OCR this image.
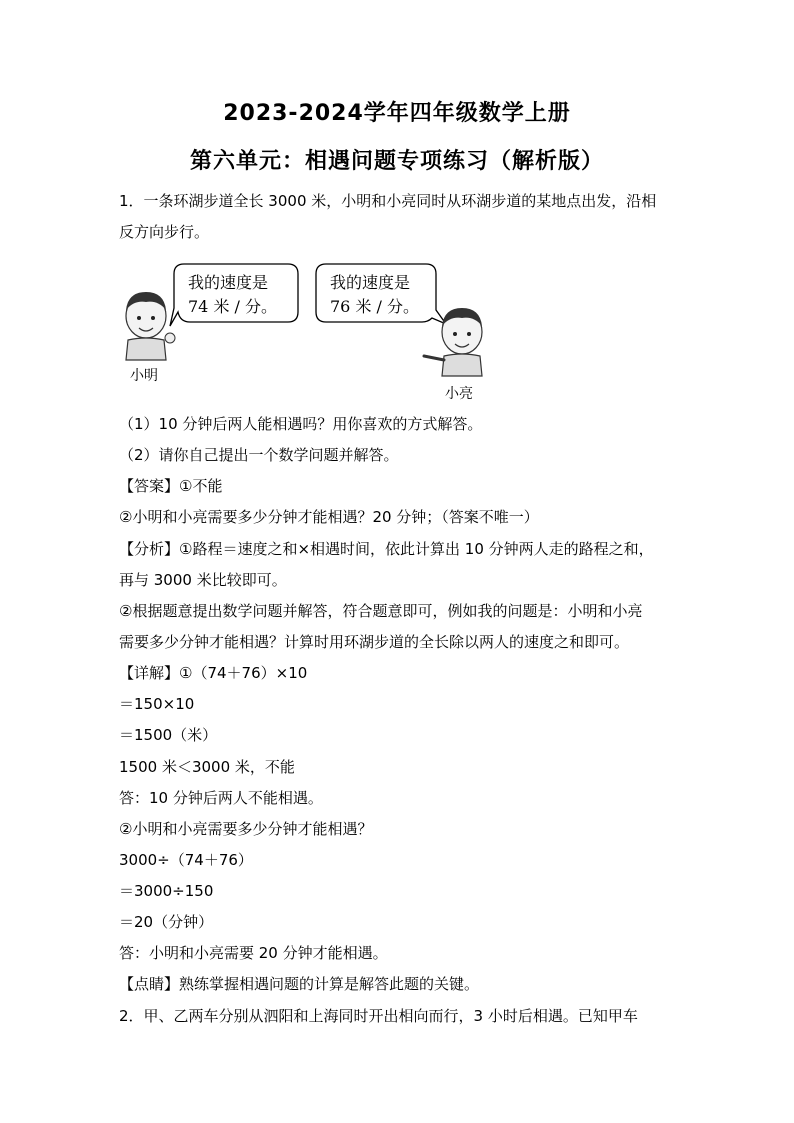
2023-2024学年四年级数学上册
第六单元：相遇问题专项练习（解析版）
1．一条环湖步道全长 3000 米，小明和小亮同时从环湖步道的某地点出发，沿相
反方向步行。
我的速度是
74 米 / 分。
我的速度是
76 米 / 分。
小明
小亮
（1）10 分钟后两人能相遇吗？用你喜欢的方式解答。
（2）请你自己提出一个数学问题并解答。
【答案】①不能
②小明和小亮需要多少分钟才能相遇？20 分钟；（答案不唯一）
【分析】①路程＝速度之和×相遇时间，依此计算出 10 分钟两人走的路程之和，
再与 3000 米比较即可。
②根据题意提出数学问题并解答，符合题意即可，例如我的问题是：小明和小亮
需要多少分钟才能相遇？计算时用环湖步道的全长除以两人的速度之和即可。
【详解】①（74＋76）×10
＝150×10
＝1500（米）
1500 米＜3000 米，不能
答：10 分钟后两人不能相遇。
②小明和小亮需要多少分钟才能相遇？
3000÷（74＋76）
＝3000÷150
＝20（分钟）
答：小明和小亮需要 20 分钟才能相遇。
【点睛】熟练掌握相遇问题的计算是解答此题的关键。
2．甲、乙两车分别从泗阳和上海同时开出相向而行，3 小时后相遇。已知甲车
